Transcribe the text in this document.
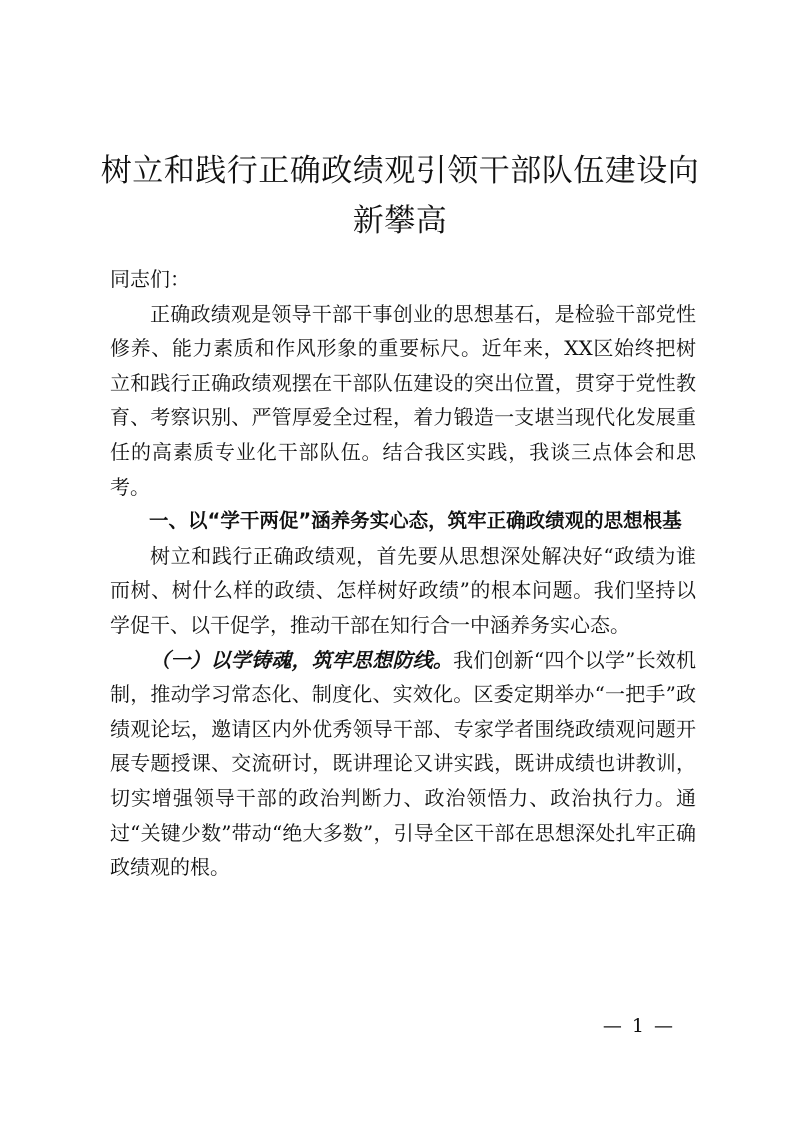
树立和践行正确政绩观引领干部队伍建设向新攀高

同志们：

正确政绩观是领导干部干事创业的思想基石，是检验干部党性修养、能力素质和作风形象的重要标尺。近年来，XX区始终把树立和践行正确政绩观摆在干部队伍建设的突出位置，贯穿于党性教育、考察识别、严管厚爱全过程，着力锻造一支堪当现代化发展重任的高素质专业化干部队伍。结合我区实践，我谈三点体会和思考。

一、以“学干两促”涵养务实心态，筑牢正确政绩观的思想根基

树立和践行正确政绩观，首先要从思想深处解决好“政绩为谁而树、树什么样的政绩、怎样树好政绩”的根本问题。我们坚持以学促干、以干促学，推动干部在知行合一中涵养务实心态。

（一）以学铸魂，筑牢思想防线。我们创新“四个以学”长效机制，推动学习常态化、制度化、实效化。区委定期举办“一把手”政绩观论坛，邀请区内外优秀领导干部、专家学者围绕政绩观问题开展专题授课、交流研讨，既讲理论又讲实践，既讲成绩也讲教训，切实增强领导干部的政治判断力、政治领悟力、政治执行力。通过“关键少数”带动“绝大多数”，引导全区干部在思想深处扎牢正确政绩观的根。

— 1 —
